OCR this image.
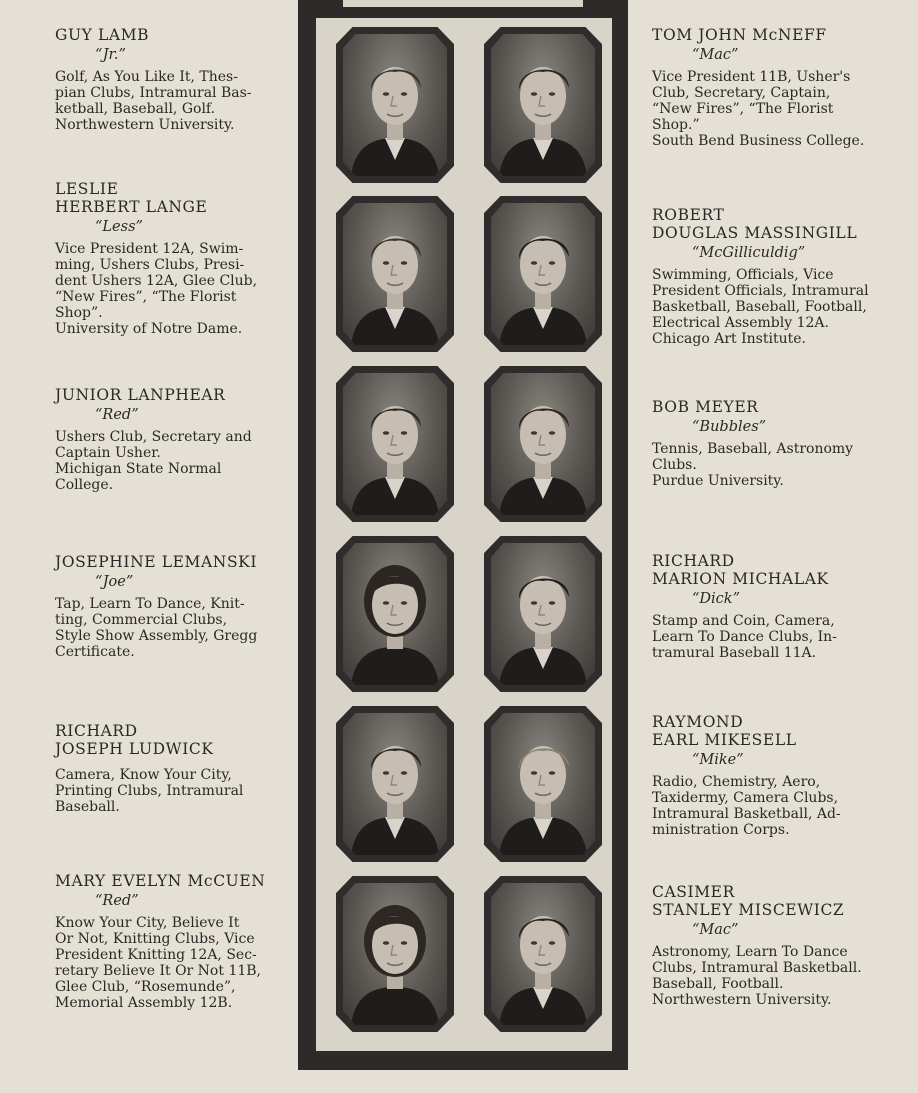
GUY LAMB
“Jr.”
Golf, As You Like It, Thes-
pian Clubs, Intramural Bas-
ketball, Baseball, Golf.
Northwestern University.
LESLIE
HERBERT LANGE
“Less”
Vice President 12A, Swim-
ming, Ushers Clubs, Presi-
dent Ushers 12A, Glee Club,
“New Fires”, “The Florist
Shop”.
University of Notre Dame.
JUNIOR LANPHEAR
“Red”
Ushers Club, Secretary and
Captain Usher.
Michigan State Normal
College.
JOSEPHINE LEMANSKI
“Joe”
Tap, Learn To Dance, Knit-
ting, Commercial Clubs,
Style Show Assembly, Gregg
Certificate.
RICHARD
JOSEPH LUDWICK
Camera, Know Your City,
Printing Clubs, Intramural
Baseball.
MARY EVELYN McCUEN
“Red”
Know Your City, Believe It
Or Not, Knitting Clubs, Vice
President Knitting 12A, Sec-
retary Believe It Or Not 11B,
Glee Club, “Rosemunde”,
Memorial Assembly 12B.
TOM JOHN McNEFF
“Mac”
Vice President 11B, Usher's
Club, Secretary, Captain,
“New Fires”, “The Florist
Shop.”
South Bend Business College.
ROBERT
DOUGLAS MASSINGILL
“McGilliculdig”
Swimming, Officials, Vice
President Officials, Intramural
Basketball, Baseball, Football,
Electrical Assembly 12A.
Chicago Art Institute.
BOB MEYER
“Bubbles”
Tennis, Baseball, Astronomy
Clubs.
Purdue University.
RICHARD
MARION MICHALAK
“Dick”
Stamp and Coin, Camera,
Learn To Dance Clubs, In-
tramural Baseball 11A.
RAYMOND
EARL MIKESELL
“Mike”
Radio, Chemistry, Aero,
Taxidermy, Camera Clubs,
Intramural Basketball, Ad-
ministration Corps.
CASIMER
STANLEY MISCEWICZ
“Mac”
Astronomy, Learn To Dance
Clubs, Intramural Basketball.
Baseball, Football.
Northwestern University.
